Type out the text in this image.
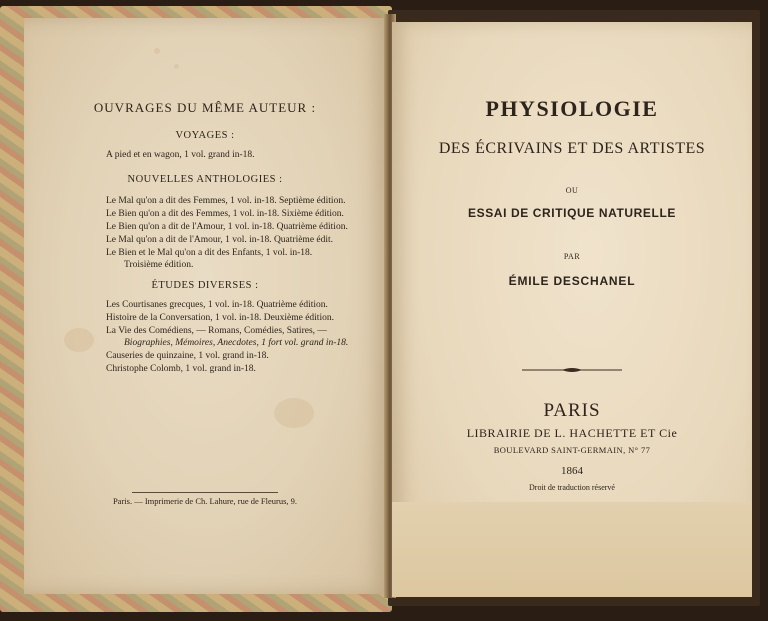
OUVRAGES DU MÊME AUTEUR :
VOYAGES :
A pied et en wagon, 1 vol. grand in-18.
NOUVELLES ANTHOLOGIES :
Le Mal qu'on a dit des Femmes, 1 vol. in-18. Septième édition.
Le Bien qu'on a dit des Femmes, 1 vol. in-18. Sixième édition.
Le Bien qu'on a dit de l'Amour, 1 vol. in-18. Quatrième édition.
Le Mal qu'on a dit de l'Amour, 1 vol. in-18. Quatrième édit.
Le Bien et le Mal qu'on a dit des Enfants, 1 vol. in-18.
Troisième édition.
ÉTUDES DIVERSES :
Les Courtisanes grecques, 1 vol. in-18. Quatrième édition.
Histoire de la Conversation, 1 vol. in-18. Deuxième édition.
La Vie des Comédiens, — Romans, Comédies, Satires, —
Biographies, Mémoires, Anecdotes, 1 fort vol. grand in-18.
Causeries de quinzaine, 1 vol. grand in-18.
Christophe Colomb, 1 vol. grand in-18.
Paris. — Imprimerie de Ch. Lahure, rue de Fleurus, 9.
PHYSIOLOGIE
DES ÉCRIVAINS ET DES ARTISTES
OU
ESSAI DE CRITIQUE NATURELLE
PAR
ÉMILE DESCHANEL
PARIS
LIBRAIRIE DE L. HACHETTE ET Cie
BOULEVARD SAINT-GERMAIN, N° 77
1864
Droit de traduction réservé
